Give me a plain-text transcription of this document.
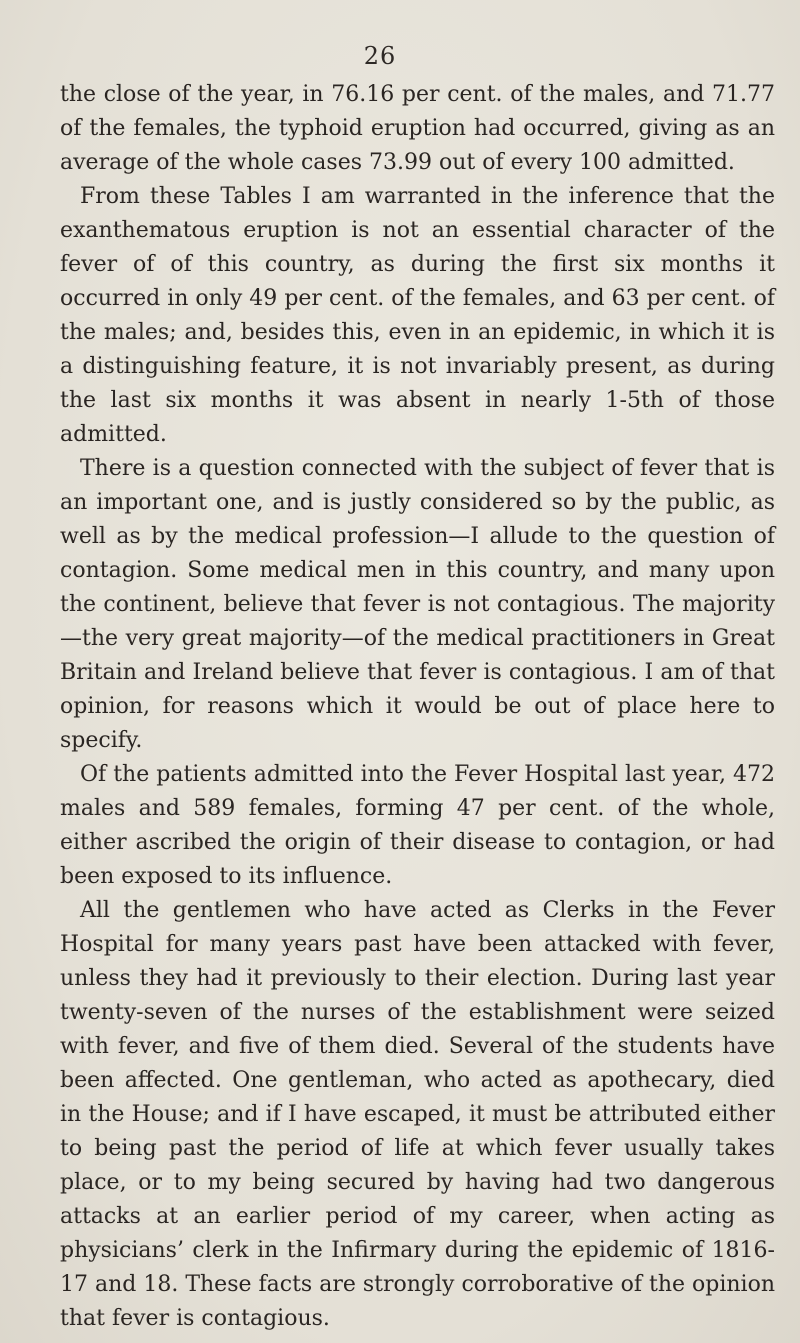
26

the close of the year, in 76.16 per cent. of the males, and 71.77 of the females, the typhoid eruption had occurred, giving as an average of the whole cases 73.99 out of every 100 admitted.

From these Tables I am warranted in the inference that the exanthematous eruption is not an essential character of the fever of of this country, as during the first six months it occurred in only 49 per cent. of the females, and 63 per cent. of the males; and, besides this, even in an epidemic, in which it is a distinguishing feature, it is not invariably present, as during the last six months it was absent in nearly 1-5th of those admitted.

There is a question connected with the subject of fever that is an important one, and is justly considered so by the public, as well as by the medical profession—I allude to the question of contagion. Some medical men in this country, and many upon the continent, believe that fever is not contagious. The majority—the very great majority—of the medical practitioners in Great Britain and Ireland believe that fever is contagious. I am of that opinion, for reasons which it would be out of place here to specify.

Of the patients admitted into the Fever Hospital last year, 472 males and 589 females, forming 47 per cent. of the whole, either ascribed the origin of their disease to contagion, or had been exposed to its influence.

All the gentlemen who have acted as Clerks in the Fever Hospital for many years past have been attacked with fever, unless they had it previously to their election. During last year twenty-seven of the nurses of the establishment were seized with fever, and five of them died. Several of the students have been affected. One gentleman, who acted as apothecary, died in the House; and if I have escaped, it must be attributed either to being past the period of life at which fever usually takes place, or to my being secured by having had two dangerous attacks at an earlier period of my career, when acting as physicians’ clerk in the Infirmary during the epidemic of 1816-17 and 18. These facts are strongly corroborative of the opinion that fever is contagious.
